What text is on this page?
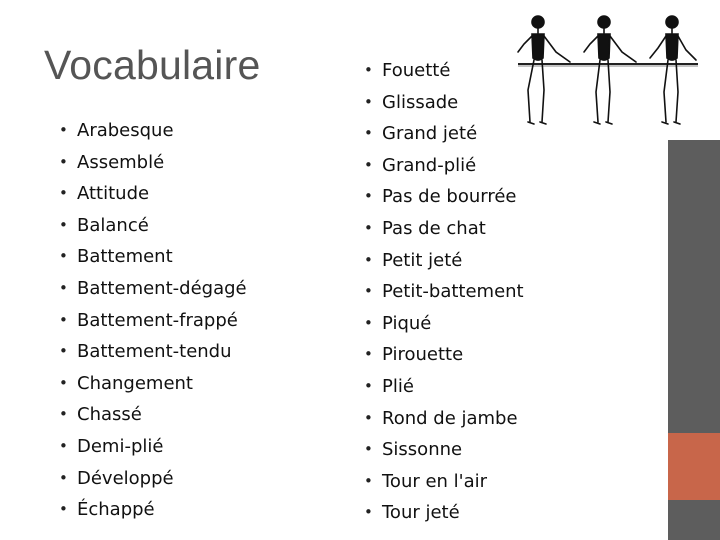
Vocabulaire
• Arabesque
• Assemblé
• Attitude
• Balancé
• Battement
• Battement-dégagé
• Battement-frappé
• Battement-tendu
• Changement
• Chassé
• Demi-plié
• Développé
• Échappé
• Fouetté
• Glissade
• Grand jeté
• Grand-plié
• Pas de bourrée
• Pas de chat
• Petit jeté
• Petit-battement
• Piqué
• Pirouette
• Plié
• Rond de jambe
• Sissonne
• Tour en l'air
• Tour jeté
